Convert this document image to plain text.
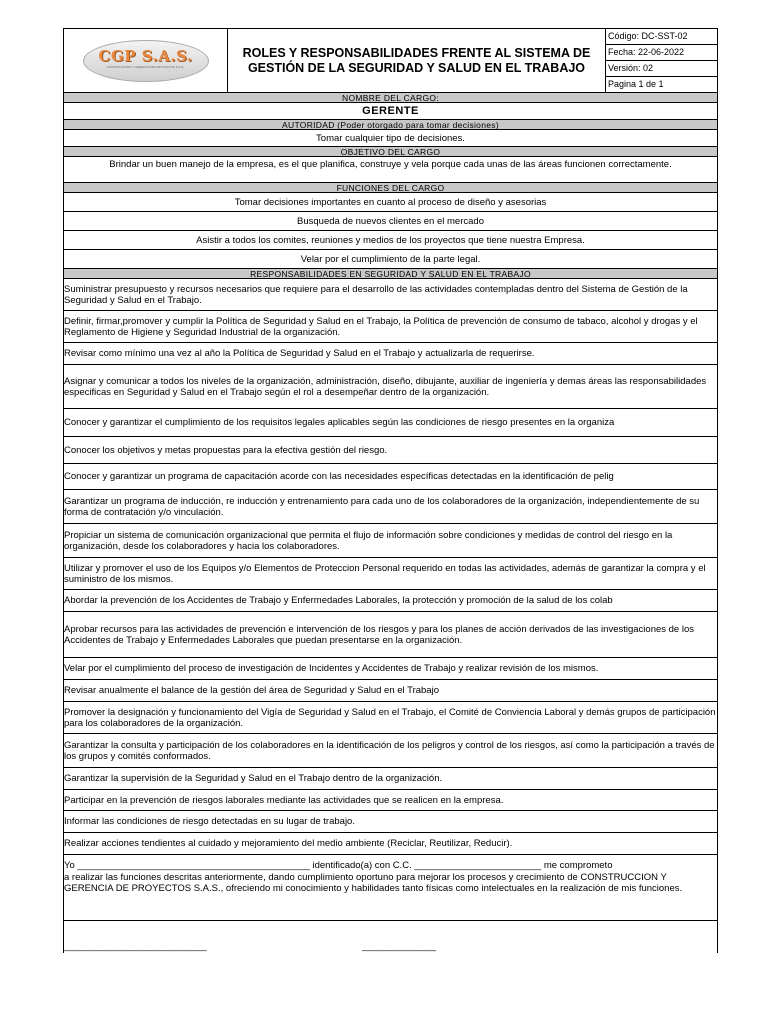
CGP S.A.S.
CONSTRUCCION Y GERENCIA DE PROYECTOS S.A.S.
	ROLES Y RESPONSABILIDADES FRENTE AL SISTEMA DE GESTIÓN DE LA SEGURIDAD Y SALUD EN EL TRABAJO	
Código: DC-SST-02
Fecha: 22-06-2022
Versión: 02
Pagina 1 de 1
NOMBRE DEL CARGO:
GERENTE
AUTORIDAD (Poder otorgado para tomar decisiones)
Tomar cualquier tipo de decisiones.
OBJETIVO DEL CARGO
Brindar un buen manejo de la empresa, es el que planifica, construye y vela porque cada unas de las áreas funcionen correctamente.
FUNCIONES DEL CARGO
Tomar decisiones importantes en cuanto al proceso de diseño y asesorias
Busqueda de nuevos clientes en el mercado
Asistir a todos los comites, reuniones y medios de los proyectos que tiene nuestra Empresa.
Velar por el cumplimiento de la parte legal.
RESPONSABILIDADES EN SEGURIDAD Y SALUD EN EL TRABAJO
Suministrar presupuesto y recursos necesarios que requiere para el desarrollo de las actividades contempladas dentro del Sistema de Gestión de la Seguridad y Salud en el Trabajo.
Definir, firmar,promover y cumplir la Política de Seguridad y Salud en el Trabajo, la Política de prevención de consumo de tabaco, alcohol y drogas y el Reglamento de Higiene y Seguridad Industrial de la organización.
Revisar como mínimo una vez al año la Política de Seguridad y Salud en el Trabajo y actualizarla de requerirse.
Asignar y comunicar a todos los niveles de la organización, administración, diseño, dibujante, auxiliar de ingeniería y demas áreas las responsabilidades especificas en Seguridad y Salud en el Trabajo según el rol a desempeñar dentro de la organización.
Conocer y garantizar el cumplimiento de los requisitos legales aplicables según las condiciones de riesgo presentes en la organiza
Conocer los objetivos y metas propuestas para la efectiva gestión del riesgo.
Conocer y garantizar un programa de capacitación acorde con las necesidades específicas detectadas en la identificación de pelig
Garantizar un programa de inducción, re inducción y entrenamiento para cada uno de los colaboradores de la organización, independientemente de su forma de contratación y/o vinculación.
Propiciar un sistema de comunicación organizacional que permita el flujo de información sobre condiciones y medidas de control del riesgo en la organización, desde los colaboradores y hacia los colaboradores.
Utilizar y promover el uso de los Equipos y/o Elementos de Proteccion Personal requerido en todas las actividades, además de garantizar la compra y el suministro de los mismos.
Abordar la prevención de los Accidentes de Trabajo y Enfermedades Laborales, la protección y promoción de la salud de los colab
Aprobar recursos para las actividades de prevención e intervención de los riesgos y para los planes de acción derivados de las investigaciones de los Accidentes de Trabajo y Enfermedades Laborales que puedan presentarse en la organización.
Velar por el cumplimiento del proceso de investigación de Incidentes y Accidentes de Trabajo y realizar revisión de los mismos.
Revisar anualmente el balance de la gestión del área de Seguridad y Salud en el Trabajo
Promover la designación y funcionamiento del Vigía de Seguridad y Salud en el Trabajo, el Comité de Conviencia Laboral y demás grupos de participación para los colaboradores de la organización.
Garantizar la consulta y participación de los colaboradores en la identificación de los peligros y control de los riesgos, así como la participación a través de los grupos y comités conformados.
Garantizar la supervisión de la Seguridad y Salud en el Trabajo dentro de la organización.
Participar en la prevención de riesgos laborales mediante las actividades que se realicen en la empresa.
Informar las condiciones de riesgo detectadas en su lugar de trabajo.
Realizar acciones tendientes al cuidado y mejoramiento del medio ambiente (Reciclar, Reutilizar, Reducir).
Yo ____________________________________________ identificado(a) con C.C. ________________________ me comprometo
a realizar las funciones descritas anteriormente, dando cumplimiento oportuno para mejorar los procesos y crecimiento de CONSTRUCCION Y GERENCIA DE PROYECTOS S.A.S., ofreciendo mi conocimiento y habilidades tanto físicas como intelectuales en la realización de mis funciones.
___________________________	______________
